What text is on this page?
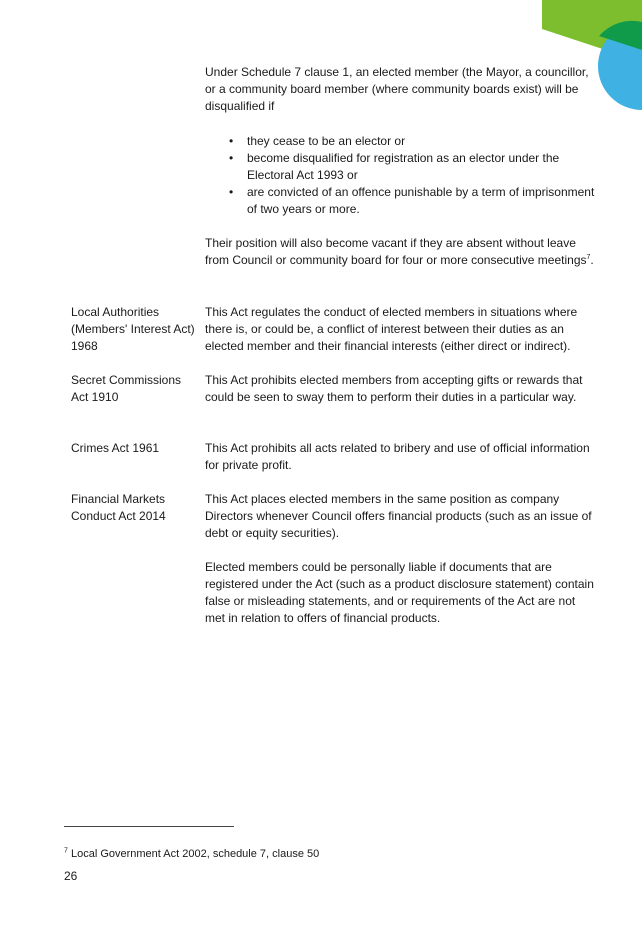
Under Schedule 7 clause 1, an elected member (the Mayor, a councillor, or a community board member (where community boards exist) will be disqualified if

• they cease to be an elector or
• become disqualified for registration as an elector under the Electoral Act 1993 or
• are convicted of an offence punishable by a term of imprisonment of two years or more.

Their position will also become vacant if they are absent without leave from Council or community board for four or more consecutive meetings$^7$.

Local Authorities (Members' Interest Act) 1968

This Act regulates the conduct of elected members in situations where there is, or could be, a conflict of interest between their duties as an elected member and their financial interests (either direct or indirect).

Secret Commissions Act 1910

This Act prohibits elected members from accepting gifts or rewards that could be seen to sway them to perform their duties in a particular way.

Crimes Act 1961	This Act prohibits all acts related to bribery and use of official information for private profit.

Financial Markets Conduct Act 2014

This Act places elected members in the same position as company Directors whenever Council offers financial products (such as an issue of debt or equity securities).

Elected members could be personally liable if documents that are registered under the Act (such as a product disclosure statement) contain false or misleading statements, and or requirements of the Act are not met in relation to offers of financial products.

$^7$ Local Government Act 2002, schedule 7, clause 50
26
